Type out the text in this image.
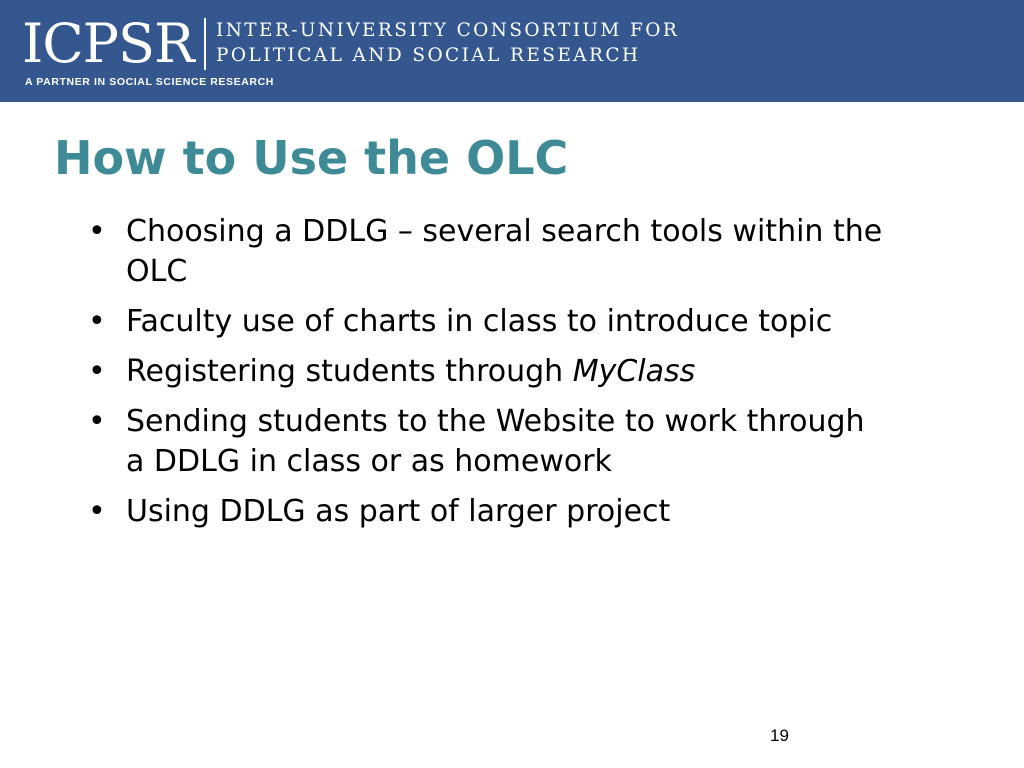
ICPSR INTER-UNIVERSITY CONSORTIUM FOR
POLITICAL AND SOCIAL RESEARCH
A PARTNER IN SOCIAL SCIENCE RESEARCH
How to Use the OLC
• Choosing a DDLG – several search tools within the OLC
• Faculty use of charts in class to introduce topic
• Registering students through MyClass
• Sending students to the Website to work through a DDLG in class or as homework
• Using DDLG as part of larger project
19
